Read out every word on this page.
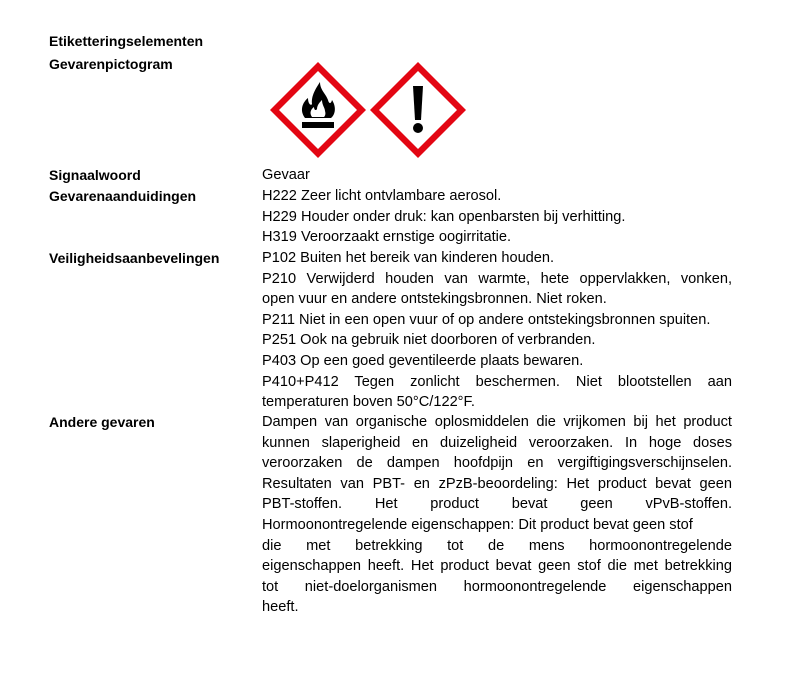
Etiketteringselementen
Gevarenpictogram
Signaalwoord	Gevaar
Gevarenaanduidingen	H222 Zeer licht ontvlambare aerosol.
H229 Houder onder druk: kan openbarsten bij verhitting.
H319 Veroorzaakt ernstige oogirritatie.
Veiligheidsaanbevelingen	P102 Buiten het bereik van kinderen houden.
P210 Verwijderd houden van warmte, hete oppervlakken, vonken,
open vuur en andere ontstekingsbronnen. Niet roken.
P211 Niet in een open vuur of op andere ontstekingsbronnen spuiten.
P251 Ook na gebruik niet doorboren of verbranden.
P403 Op een goed geventileerde plaats bewaren.
P410+P412 Tegen zonlicht beschermen. Niet blootstellen aan
temperaturen boven 50°C/122°F.
Andere gevaren	Dampen van organische oplosmiddelen die vrijkomen bij het product
kunnen slaperigheid en duizeligheid veroorzaken. In hoge doses
veroorzaken de dampen hoofdpijn en vergiftigingsverschijnselen.
Resultaten van PBT- en zPzB-beoordeling: Het product bevat geen
PBT-stoffen. Het product bevat geen vPvB-stoffen.
Hormoonontregelende eigenschappen: Dit product bevat geen stof
die met betrekking tot de mens hormoonontregelende
eigenschappen heeft. Het product bevat geen stof die met betrekking
tot niet-doelorganismen hormoonontregelende eigenschappen
heeft.
